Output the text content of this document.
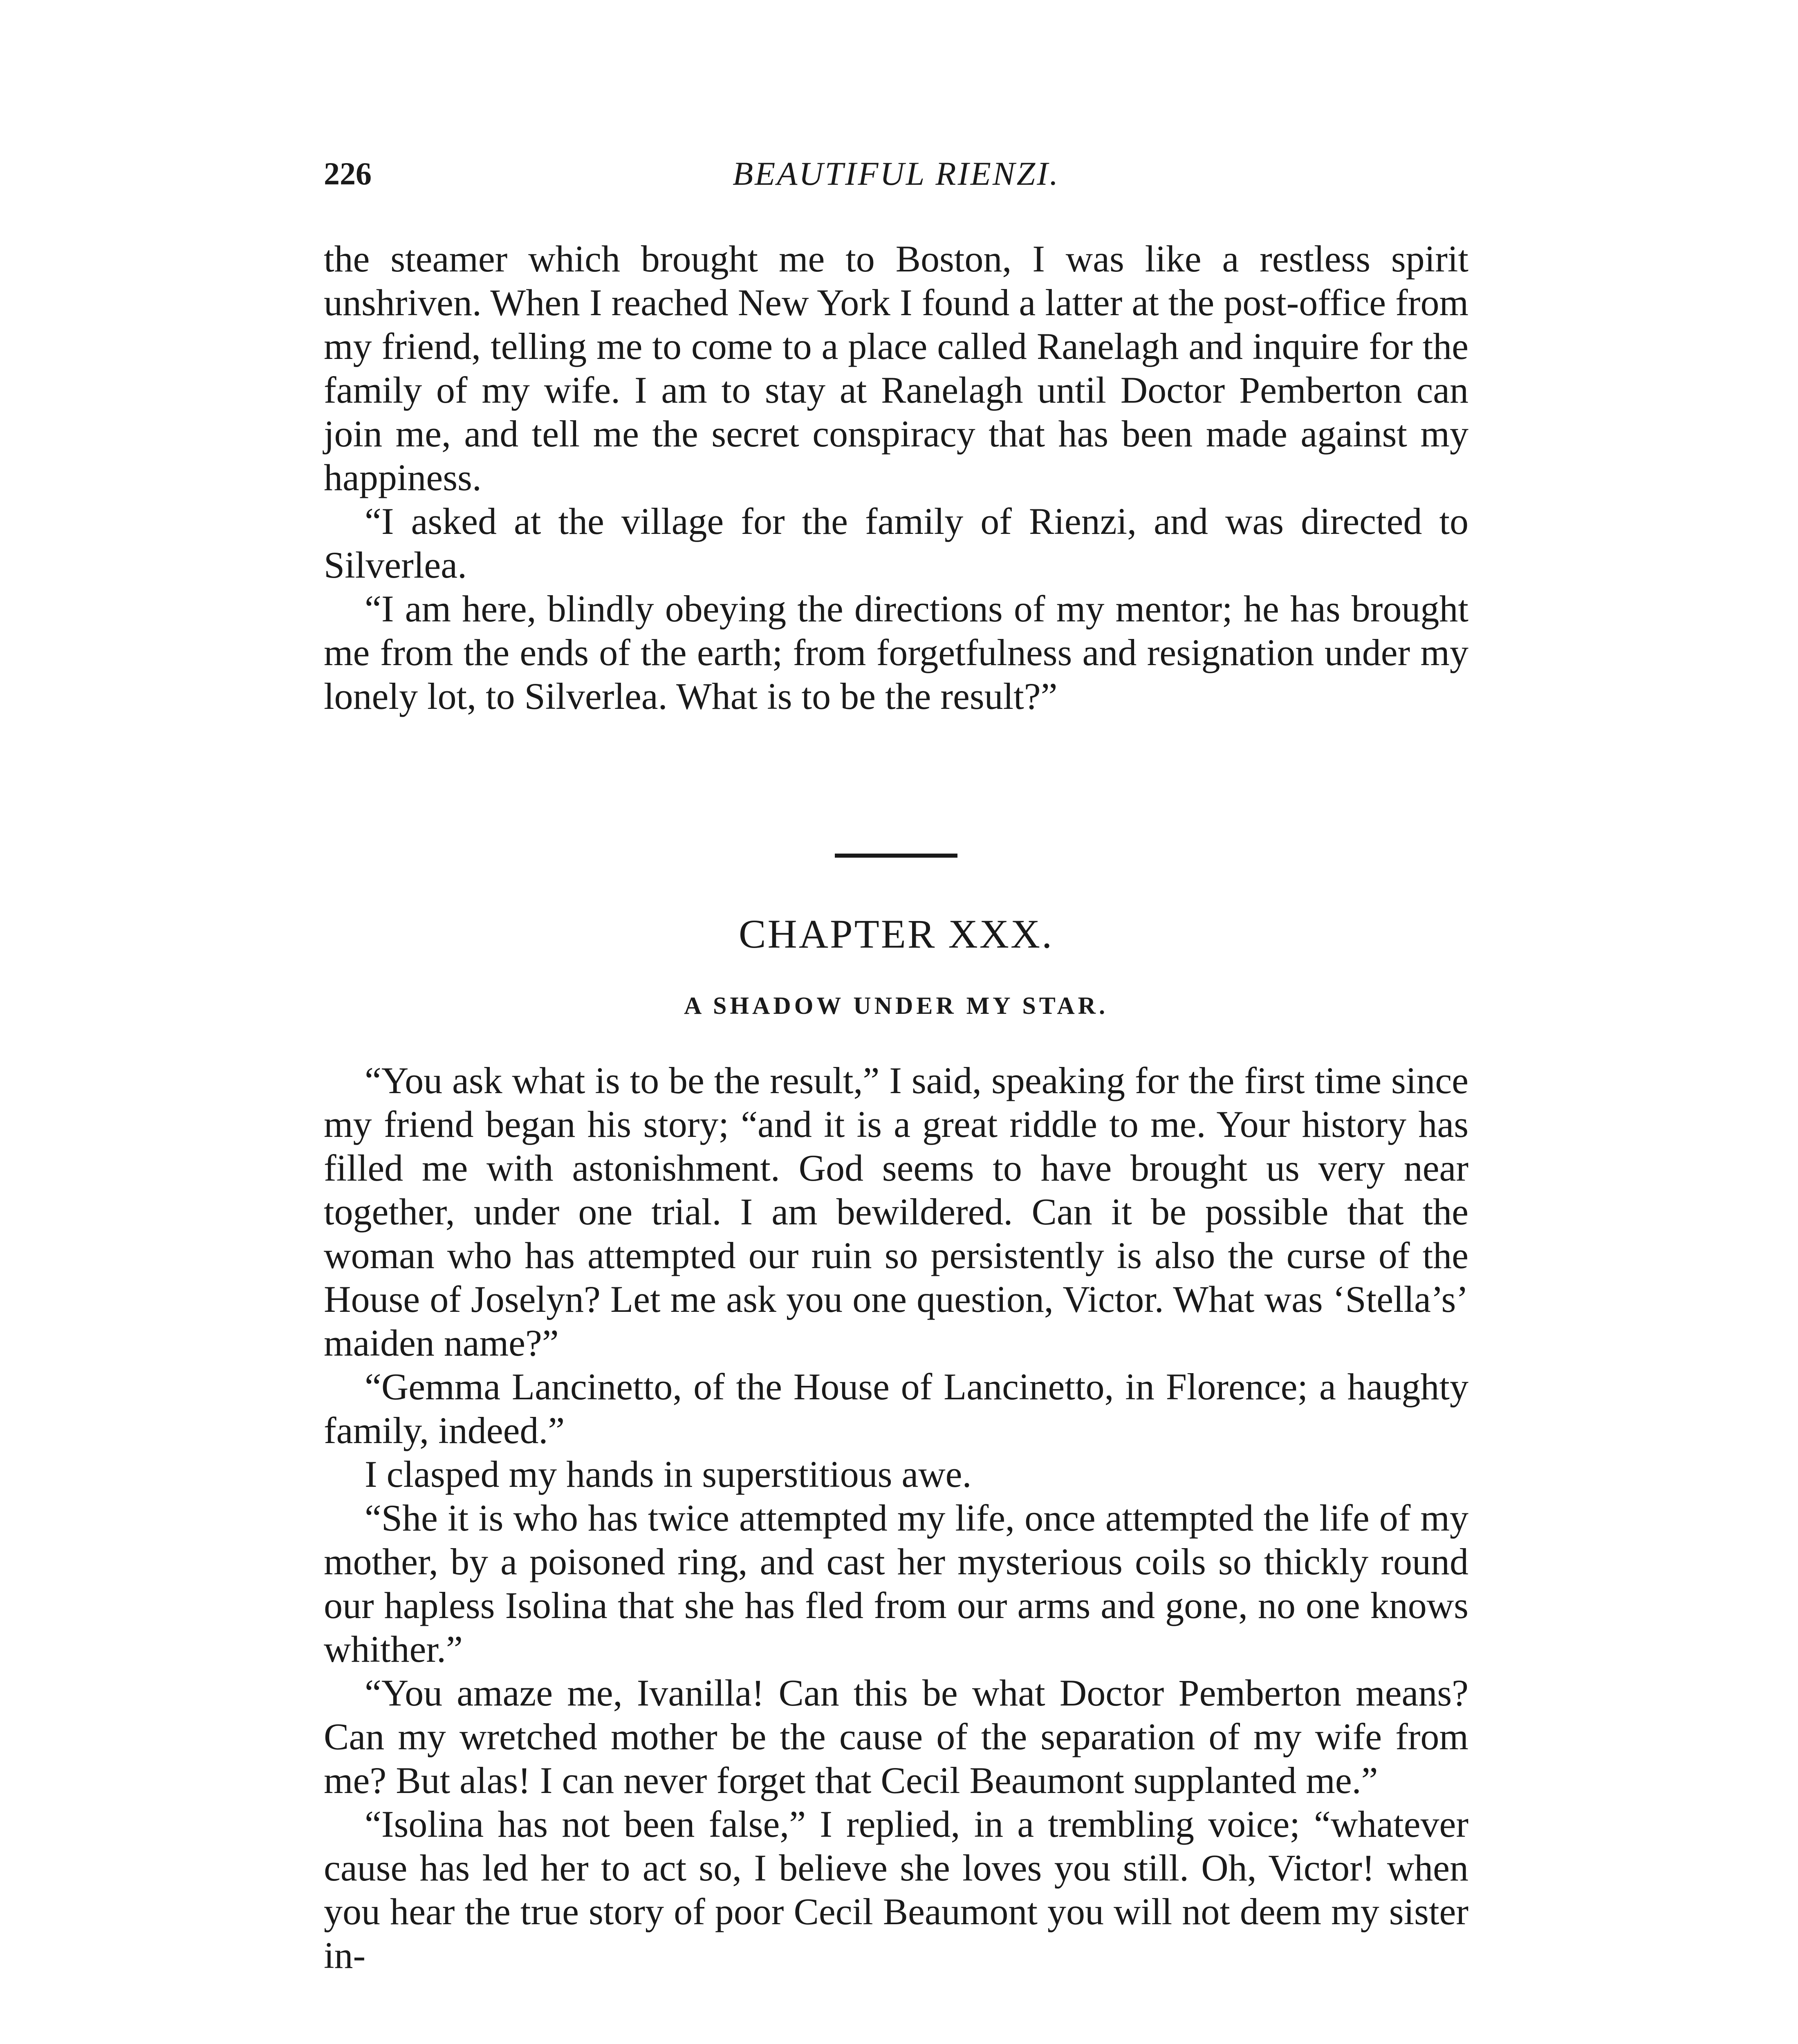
226	BEAUTIFUL RIENZI.

the steamer which brought me to Boston, I was like a restless spirit unshriven. When I reached New York I found a latter at the post-office from my friend, telling me to come to a place called Ranelagh and inquire for the family of my wife. I am to stay at Ranelagh until Doctor Pemberton can join me, and tell me the secret conspiracy that has been made against my happiness.

“I asked at the village for the family of Rienzi, and was directed to Silverlea.

“I am here, blindly obeying the directions of my mentor; he has brought me from the ends of the earth; from forgetfulness and resignation under my lonely lot, to Silverlea. What is to be the result?”

CHAPTER XXX.
A SHADOW UNDER MY STAR.

“You ask what is to be the result,” I said, speaking for the first time since my friend began his story; “and it is a great riddle to me. Your history has filled me with astonishment. God seems to have brought us very near together, under one trial. I am bewildered. Can it be possible that the woman who has attempted our ruin so persistently is also the curse of the House of Joselyn? Let me ask you one question, Victor. What was ‘Stella’s’ maiden name?”

“Gemma Lancinetto, of the House of Lancinetto, in Florence; a haughty family, indeed.”

I clasped my hands in superstitious awe.

“She it is who has twice attempted my life, once attempted the life of my mother, by a poisoned ring, and cast her mysterious coils so thickly round our hapless Isolina that she has fled from our arms and gone, no one knows whither.”

“You amaze me, Ivanilla! Can this be what Doctor Pemberton means? Can my wretched mother be the cause of the separation of my wife from me? But alas! I can never forget that Cecil Beaumont supplanted me.”

“Isolina has not been false,” I replied, in a trembling voice; “whatever cause has led her to act so, I believe she loves you still. Oh, Victor! when you hear the true story of poor Cecil Beaumont you will not deem my sister in-
